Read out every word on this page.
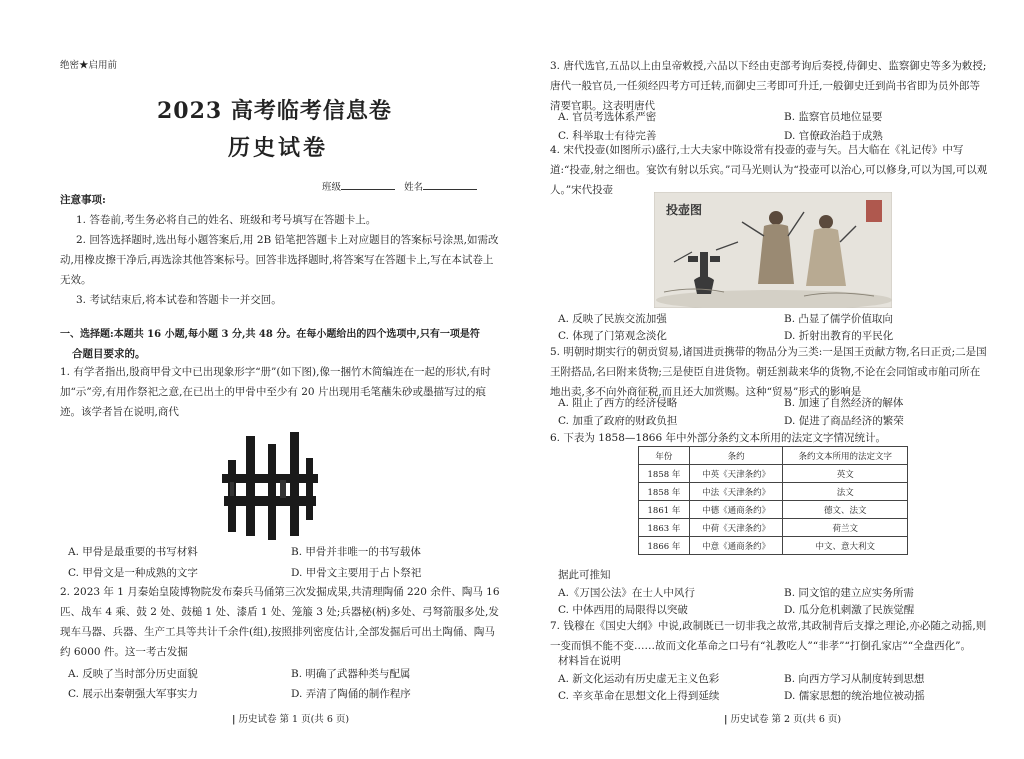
绝密★启用前
2023 高考临考信息卷
历史试卷
班级	姓名
注意事项:
1. 答卷前,考生务必将自己的姓名、班级和考号填写在答题卡上。
2. 回答选择题时,选出每小题答案后,用 2B 铅笔把答题卡上对应题目的答案标号涂黑,如需改动,用橡皮擦干净后,再选涂其他答案标号。回答非选择题时,将答案写在答题卡上,写在本试卷上无效。
3. 考试结束后,将本试卷和答题卡一并交回。
一、选择题:本题共 16 小题,每小题 3 分,共 48 分。在每小题给出的四个选项中,只有一项是符
合题目要求的。
1. 有学者指出,殷商甲骨文中已出现象形字“册”(如下图),像一捆竹木简编连在一起的形状,有时加“示”旁,有用作祭祀之意,在已出土的甲骨中至少有 20 片出现用毛笔蘸朱砂或墨描写过的痕迹。该学者旨在说明,商代
A. 甲骨是最重要的书写材料	B. 甲骨并非唯一的书写载体
C. 甲骨文是一种成熟的文字	D. 甲骨文主要用于占卜祭祀
2. 2023 年 1 月秦始皇陵博物院发布秦兵马俑第三次发掘成果,共清理陶俑 220 余件、陶马 16 匹、战车 4 乘、鼓 2 处、鼓槌 1 处、漆盾 1 处、笼箙 3 处;兵器柲(柄)多处、弓弩箭服多处,发现车马器、兵器、生产工具等共计千余件(组),按照排列密度估计,全部发掘后可出土陶俑、陶马约 6000 件。这一考古发掘
A. 反映了当时部分历史面貌	B. 明确了武器种类与配属
C. 展示出秦朝强大军事实力	D. 弄清了陶俑的制作程序
| 历史试卷 第 1 页(共 6 页)
3. 唐代选官,五品以上由皇帝敕授,六品以下经由吏部考询后奏授,侍御史、监察御史等多为敕授;唐代一般官员,一任须经四考方可迁转,而御史三考即可升迁,一般御史迁到尚书省即为员外郎等清要官职。这表明唐代
A. 官员考选体系严密	B. 监察官员地位显要
C. 科举取士有待完善	D. 官僚政治趋于成熟
4. 宋代投壶(如图所示)盛行,士大夫家中陈设常有投壶的壶与矢。吕大临在《礼记传》中写道:“投壶,射之细也。宴饮有射以乐宾。”司马光则认为“投壶可以治心,可以修身,可以为国,可以观人。”宋代投壶
投壶图
A. 反映了民族交流加强	B. 凸显了儒学价值取向
C. 体现了门第观念淡化	D. 折射出教育的平民化
5. 明朝时期实行的朝贡贸易,诸国进贡携带的物品分为三类:一是国王贡献方物,名曰正贡;二是国王附搭品,名曰附来货物;三是使臣自进货物。朝廷割裁来华的货物,不论在会同馆或市舶司所在地出卖,多不向外商征税,而且还大加赏赐。这种“贸易”形式的影响是
A. 阻止了西方的经济侵略	B. 加速了自然经济的解体
C. 加重了政府的财政负担	D. 促进了商品经济的繁荣
6. 下表为 1858—1866 年中外部分条约文本所用的法定文字情况统计。
年份	条约	条约文本所用的法定文字
1858 年	中英《天津条约》	英文
1858 年	中法《天津条约》	法文
1861 年	中德《通商条约》	德文、法文
1863 年	中荷《天津条约》	荷兰文
1866 年	中意《通商条约》	中文、意大利文
据此可推知
A.《万国公法》在士人中风行	B. 同文馆的建立应实务所需
C. 中体西用的局限得以突破	D. 瓜分危机刺激了民族觉醒
7. 钱穆在《国史大纲》中说,政制既已一切非我之故常,其政制背后支撑之理论,亦必随之动摇,则一变而惧不能不变……故而文化革命之口号有“礼教吃人”“非孝”“打倒孔家店”“全盘西化”。
材料旨在说明
A. 新文化运动有历史虚无主义色彩	B. 向西方学习从制度转到思想
C. 辛亥革命在思想文化上得到延续	D. 儒家思想的统治地位被动摇
| 历史试卷 第 2 页(共 6 页)
